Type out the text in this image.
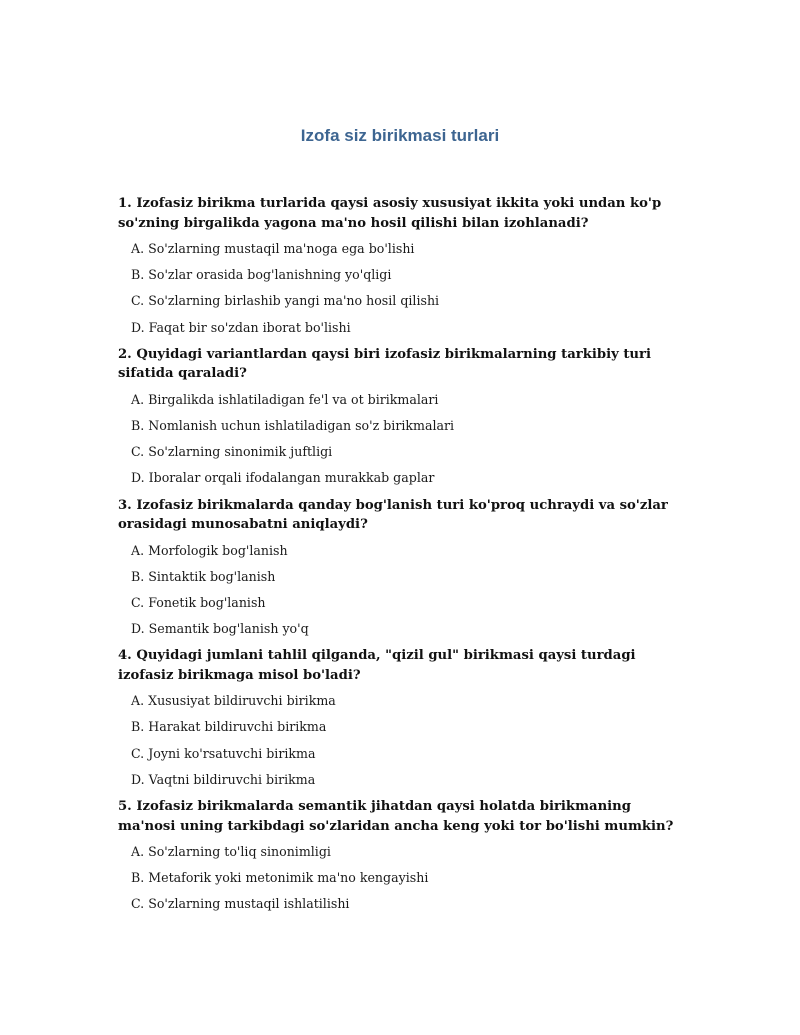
Izofa siz birikmasi turlari

1. Izofasiz birikma turlarida qaysi asosiy xususiyat ikkita yoki undan ko'p so'zning birgalikda yagona ma'no hosil qilishi bilan izohlanadi?

A. So'zlarning mustaqil ma'noga ega bo'lishi
B. So'zlar orasida bog'lanishning yo'qligi
C. So'zlarning birlashib yangi ma'no hosil qilishi
D. Faqat bir so'zdan iborat bo'lishi

2. Quyidagi variantlardan qaysi biri izofasiz birikmalarning tarkibiy turi sifatida qaraladi?

A. Birgalikda ishlatiladigan fe'l va ot birikmalari
B. Nomlanish uchun ishlatiladigan so'z birikmalari
C. So'zlarning sinonimik juftligi
D. Iboralar orqali ifodalangan murakkab gaplar

3. Izofasiz birikmalarda qanday bog'lanish turi ko'proq uchraydi va so'zlar orasidagi munosabatni aniqlaydi?

A. Morfologik bog'lanish
B. Sintaktik bog'lanish
C. Fonetik bog'lanish
D. Semantik bog'lanish yo'q

4. Quyidagi jumlani tahlil qilganda, "qizil gul" birikmasi qaysi turdagi izofasiz birikmaga misol bo'ladi?

A. Xususiyat bildiruvchi birikma
B. Harakat bildiruvchi birikma
C. Joyni ko'rsatuvchi birikma
D. Vaqtni bildiruvchi birikma

5. Izofasiz birikmalarda semantik jihatdan qaysi holatda birikmaning ma'nosi uning tarkibdagi so'zlaridan ancha keng yoki tor bo'lishi mumkin?

A. So'zlarning to'liq sinonimligi
B. Metaforik yoki metonimik ma'no kengayishi
C. So'zlarning mustaqil ishlatilishi
